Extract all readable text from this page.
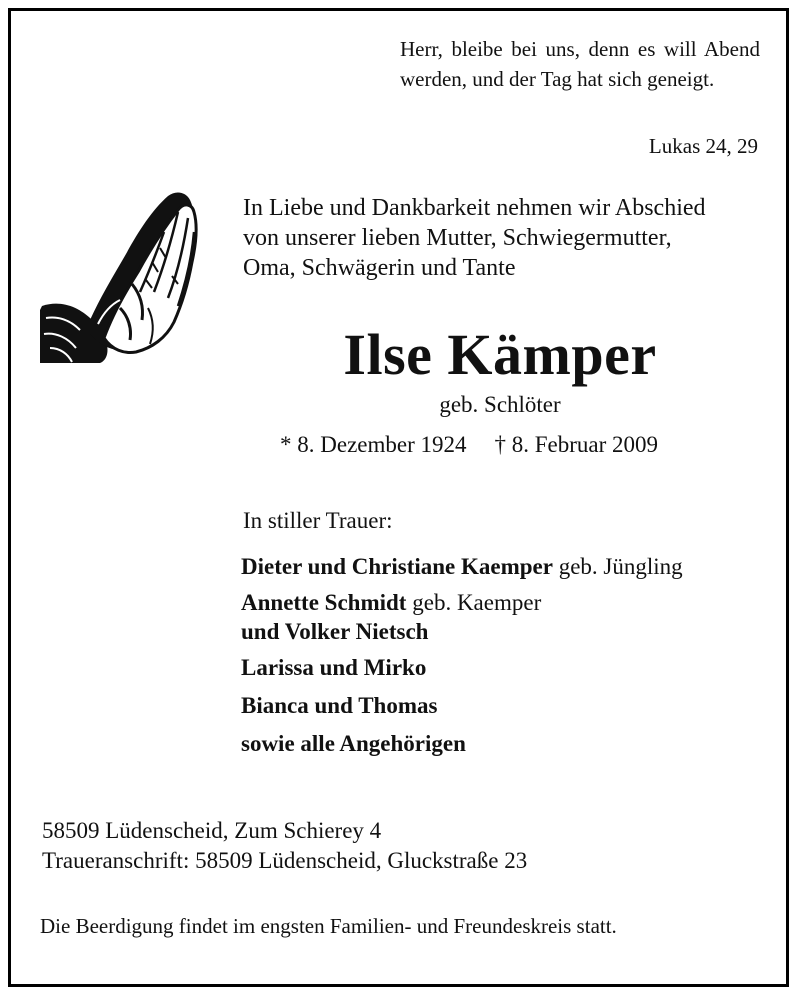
Herr, bleibe bei uns, denn es will Abend werden, und der Tag hat sich geneigt.
Lukas 24, 29
In Liebe und Dankbarkeit nehmen wir Abschied
von unserer lieben Mutter, Schwiegermutter,
Oma, Schwägerin und Tante
Ilse Kämper
geb. Schlöter
* 8. Dezember 1924 † 8. Februar 2009
In stiller Trauer:
Dieter und Christiane Kaemper geb. Jüngling
Annette Schmidt geb. Kaemper
und Volker Nietsch
Larissa und Mirko
Bianca und Thomas
sowie alle Angehörigen
58509 Lüdenscheid, Zum Schierey 4
Traueranschrift: 58509 Lüdenscheid, Gluckstraße 23
Die Beerdigung findet im engsten Familien- und Freundeskreis statt.
